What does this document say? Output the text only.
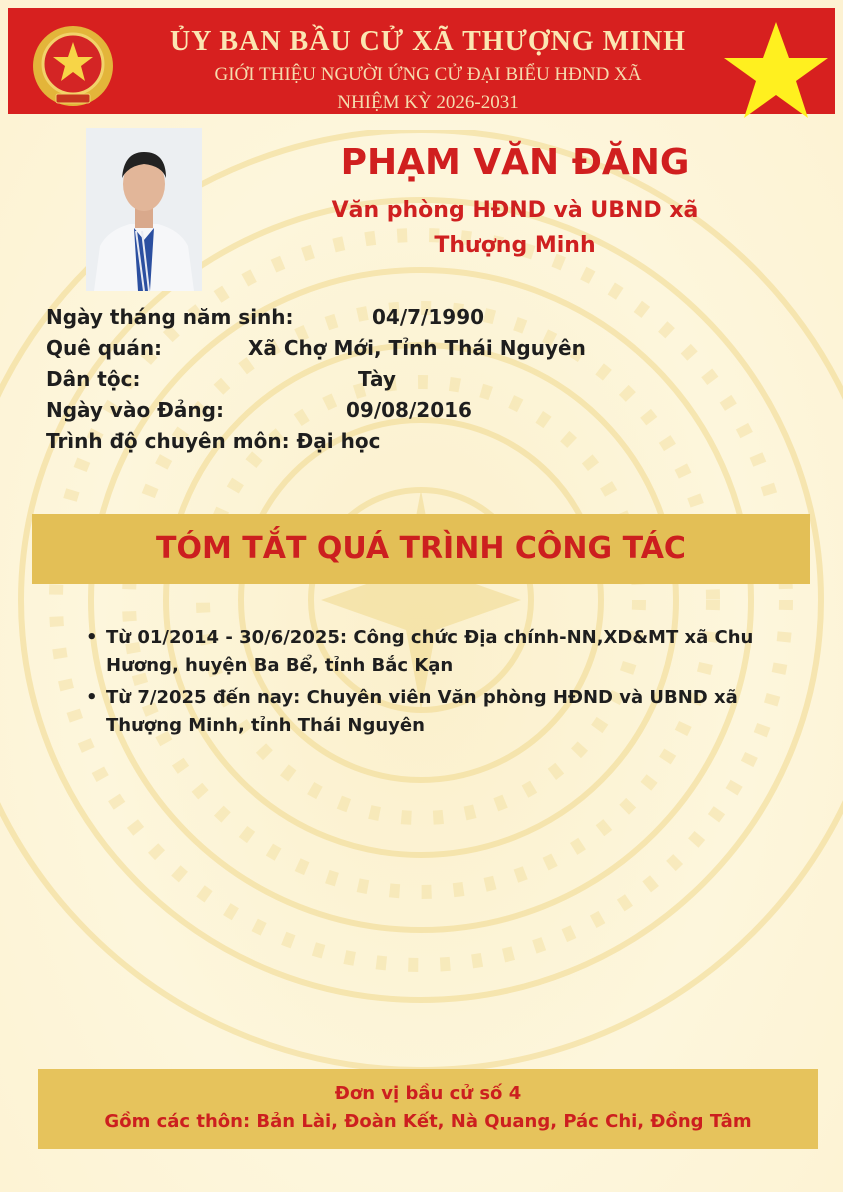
ỦY BAN BẦU CỬ XÃ THƯỢNG MINH
GIỚI THIỆU NGƯỜI ỨNG CỬ ĐẠI BIỂU HĐND XÃ
NHIỆM KỲ 2026-2031
PHẠM VĂN ĐĂNG
Văn phòng HĐND và UBND xã
Thượng Minh
Ngày tháng năm sinh:	04/7/1990
Quê quán:	Xã Chợ Mới, Tỉnh Thái Nguyên
Dân tộc:	Tày
Ngày vào Đảng:	09/08/2016
Trình độ chuyên môn: Đại học
TÓM TẮT QUÁ TRÌNH CÔNG TÁC
• Từ 01/2014 - 30/6/2025: Công chức Địa chính-NN,XD&MT xã Chu Hương, huyện Ba Bể, tỉnh Bắc Kạn
• Từ 7/2025 đến nay: Chuyên viên Văn phòng HĐND và UBND xã Thượng Minh, tỉnh Thái Nguyên
Đơn vị bầu cử số 4
Gồm các thôn: Bản Lài, Đoàn Kết, Nà Quang, Pác Chi, Đồng Tâm
